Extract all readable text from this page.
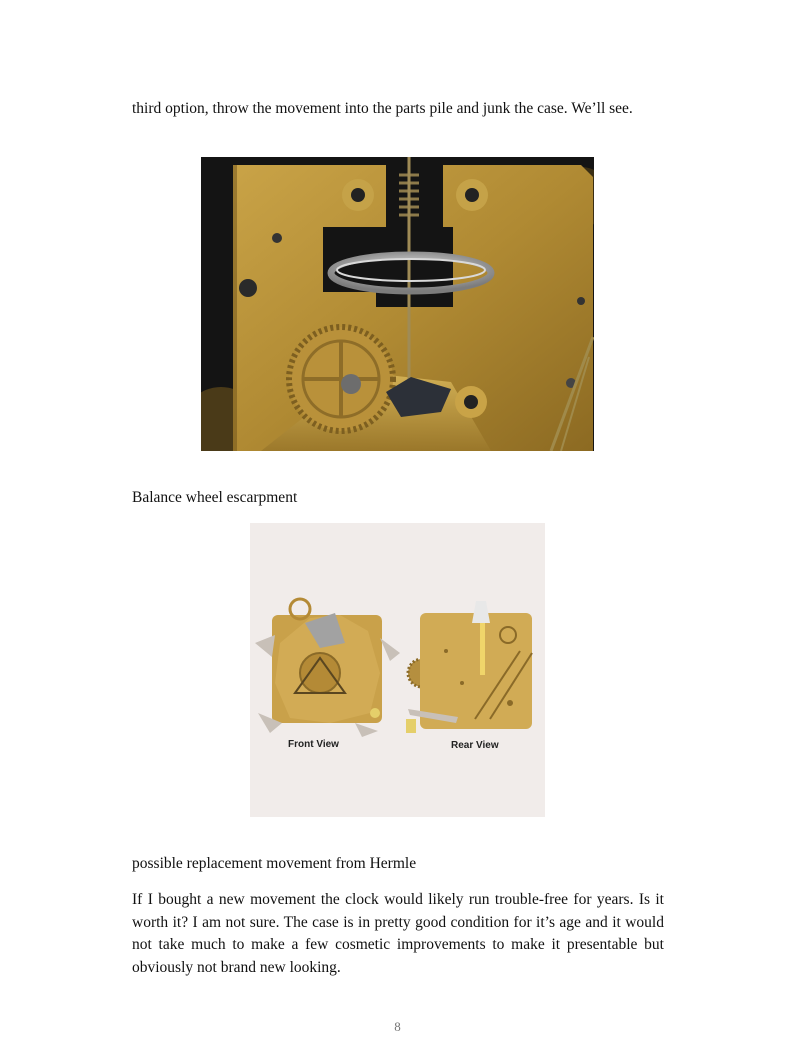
third option, throw the movement into the parts pile and junk the case. We’ll see.

Balance wheel escarpment

Front View	Rear View

possible replacement movement from Hermle

If I bought a new movement the clock would likely run trouble-free for years. Is it worth it? I am not sure. The case is in pretty good condition for it’s age and it would not take much to make a few cosmetic improvements to make it presentable but obviously not brand new looking.

8
